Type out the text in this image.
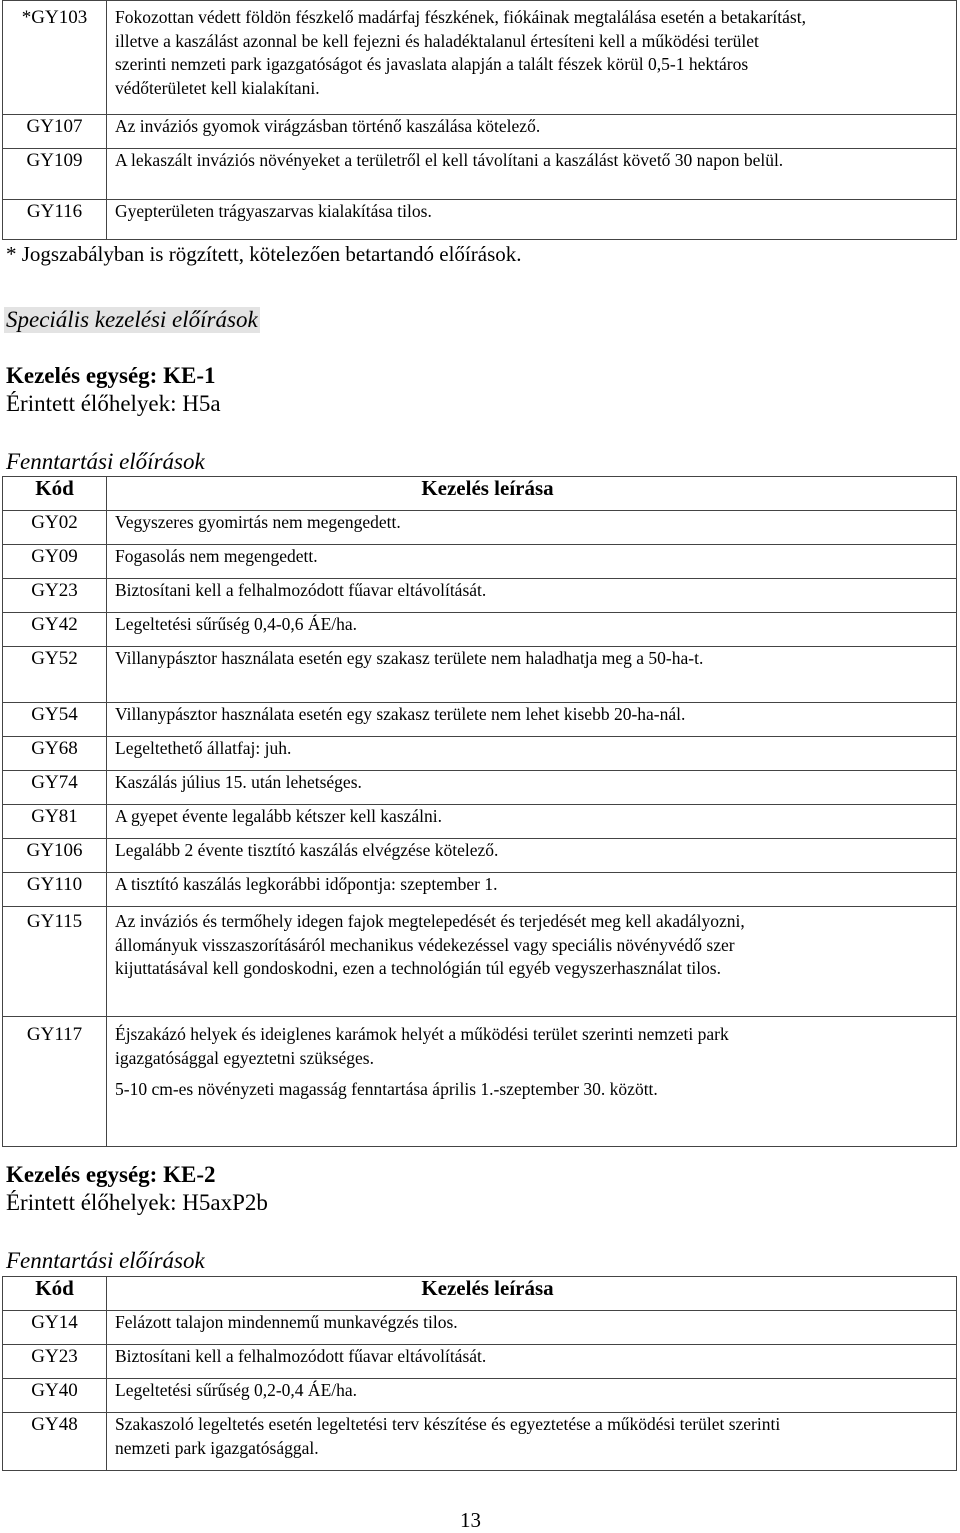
*GY103	Fokozottan védett földön fészkelő madárfaj fészkének, fiókáinak megtalálása esetén a betakarítást,
illetve a kaszálást azonnal be kell fejezni és haladéktalanul értesíteni kell a működési terület
szerinti nemzeti park igazgatóságot és javaslata alapján a talált fészek körül 0,5-1 hektáros
védőterületet kell kialakítani.

GY107	Az inváziós gyomok virágzásban történő kaszálása kötelező.

GY109	A lekaszált inváziós növényeket a területről el kell távolítani a kaszálást követő 30 napon belül.

GY116	Gyepterületen trágyaszarvas kialakítása tilos.
* Jogszabályban is rögzített, kötelezően betartandó előírások.
Speciális kezelési előírások
Kezelés egység: KE-1
Érintett élőhelyek: H5a
Fenntartási előírások
Kód	Kezelés leírása
GY02	Vegyszeres gyomirtás nem megengedett.

GY09	Fogasolás nem megengedett.

GY23	Biztosítani kell a felhalmozódott fűavar eltávolítását.

GY42	Legeltetési sűrűség 0,4-0,6 ÁE/ha.

GY52	Villanypásztor használata esetén egy szakasz területe nem haladhatja meg a 50-ha-t.

GY54	Villanypásztor használata esetén egy szakasz területe nem lehet kisebb 20-ha-nál.

GY68	Legeltethető állatfaj: juh.

GY74	Kaszálás július 15. után lehetséges.

GY81	A gyepet évente legalább kétszer kell kaszálni.

GY106	Legalább 2 évente tisztító kaszálás elvégzése kötelező.

GY110	A tisztító kaszálás legkorábbi időpontja: szeptember 1.

GY115	Az inváziós és termőhely idegen fajok megtelepedését és terjedését meg kell akadályozni,
állományuk visszaszorításáról mechanikus védekezéssel vagy speciális növényvédő szer
kijuttatásával kell gondoskodni, ezen a technológián túl egyéb vegyszerhasználat tilos.

GY117	Éjszakázó helyek és ideiglenes karámok helyét a működési terület szerinti nemzeti park
igazgatósággal egyeztetni szükséges.
5-10 cm-es növényzeti magasság fenntartása április 1.-szeptember 30. között.
Kezelés egység: KE-2
Érintett élőhelyek: H5axP2b
Fenntartási előírások
Kód	Kezelés leírása
GY14	Felázott talajon mindennemű munkavégzés tilos.

GY23	Biztosítani kell a felhalmozódott fűavar eltávolítását.

GY40	Legeltetési sűrűség 0,2-0,4 ÁE/ha.

GY48	Szakaszoló legeltetés esetén legeltetési terv készítése és egyeztetése a működési terület szerinti
nemzeti park igazgatósággal.
13
